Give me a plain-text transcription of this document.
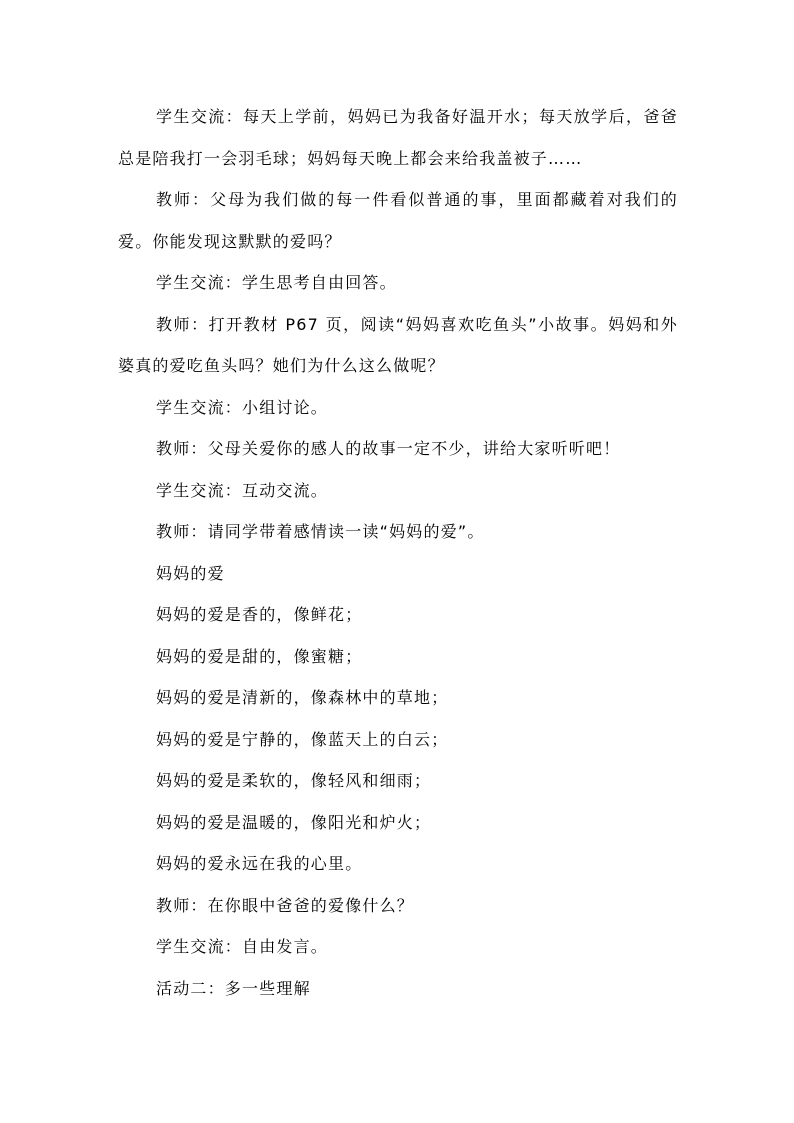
学生交流：每天上学前，妈妈已为我备好温开水；每天放学后，爸爸总是陪我打一会羽毛球；妈妈每天晚上都会来给我盖被子……

教师：父母为我们做的每一件看似普通的事，里面都藏着对我们的爱。你能发现这默默的爱吗？

学生交流：学生思考自由回答。

教师：打开教材 P67 页，阅读“妈妈喜欢吃鱼头”小故事。妈妈和外婆真的爱吃鱼头吗？她们为什么这么做呢？

学生交流：小组讨论。

教师：父母关爱你的感人的故事一定不少，讲给大家听听吧！

学生交流：互动交流。

教师：请同学带着感情读一读“妈妈的爱”。

妈妈的爱

妈妈的爱是香的，像鲜花；

妈妈的爱是甜的，像蜜糖；

妈妈的爱是清新的，像森林中的草地；

妈妈的爱是宁静的，像蓝天上的白云；

妈妈的爱是柔软的，像轻风和细雨；

妈妈的爱是温暖的，像阳光和炉火；

妈妈的爱永远在我的心里。

教师：在你眼中爸爸的爱像什么？

学生交流：自由发言。

活动二：多一些理解
